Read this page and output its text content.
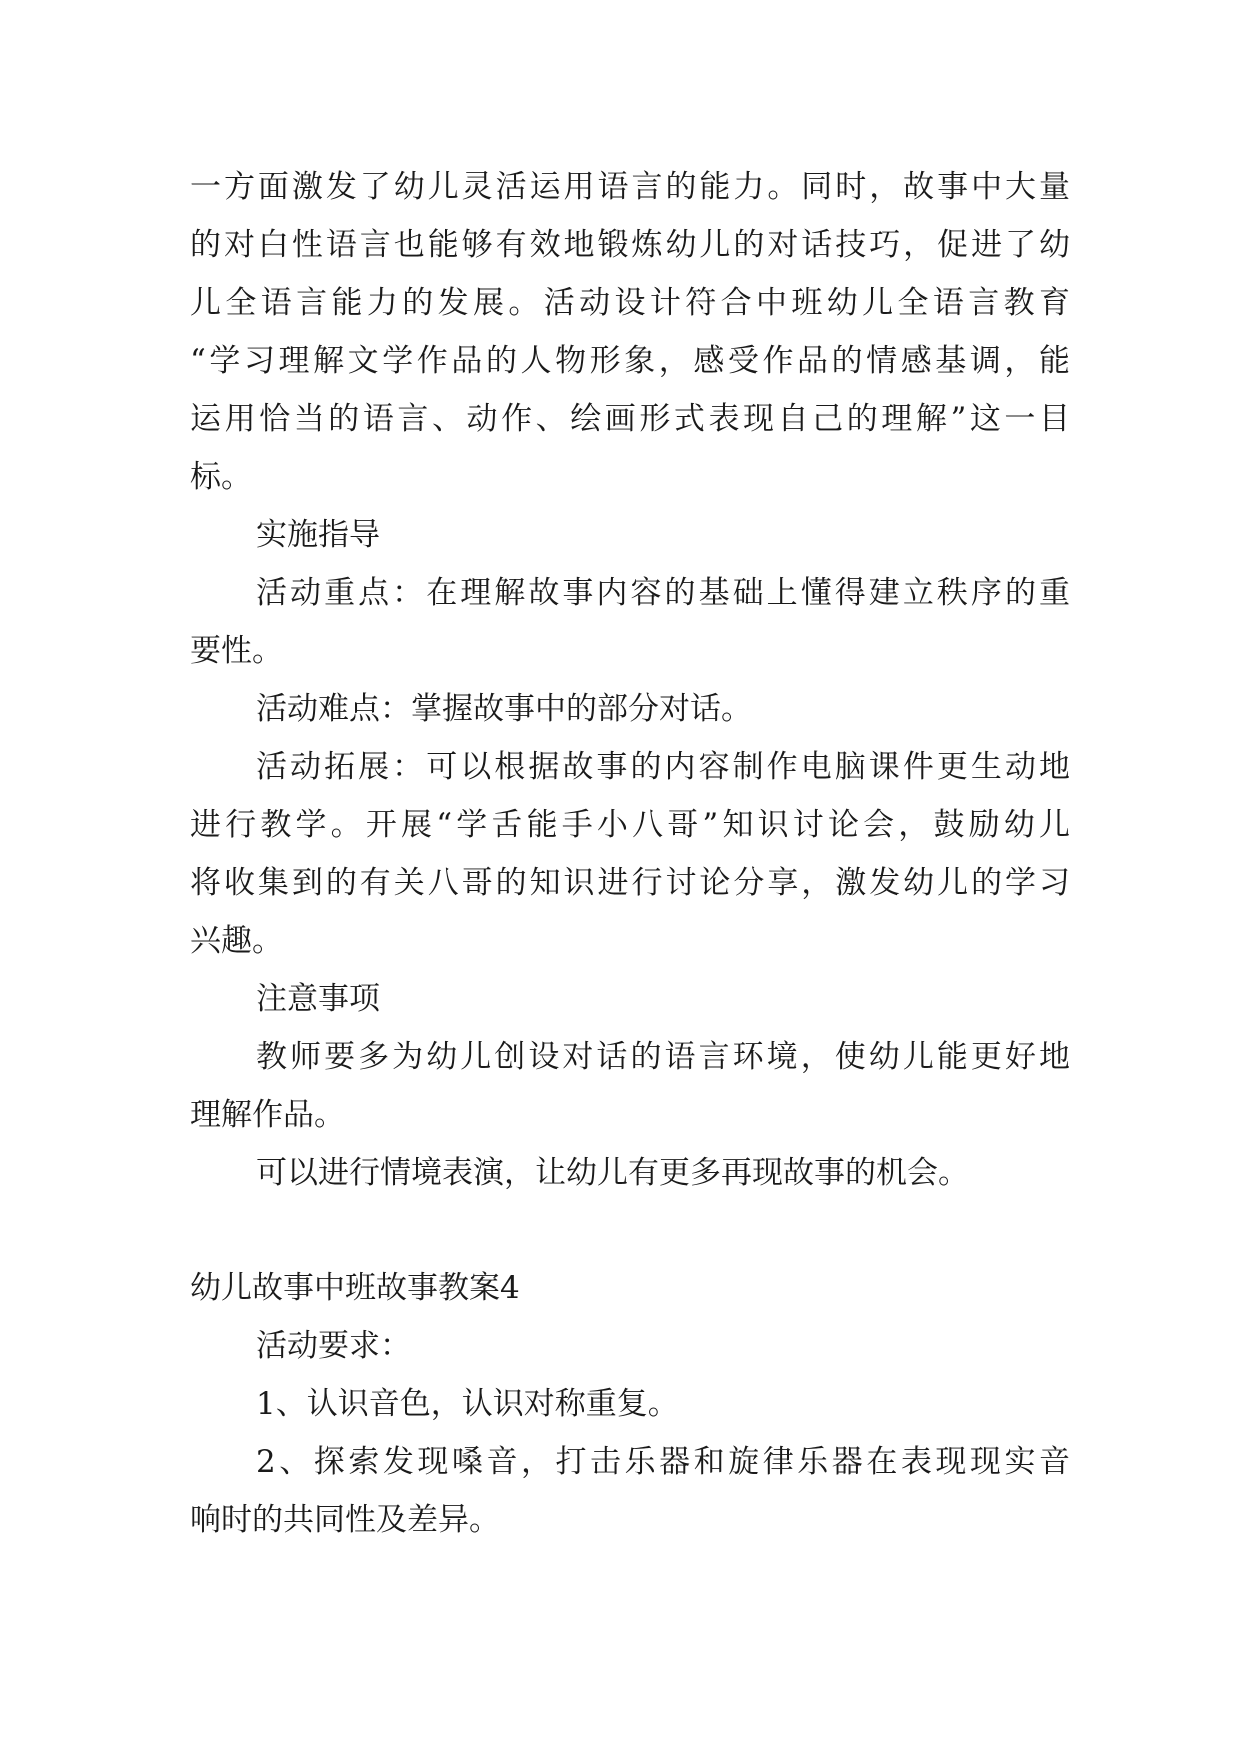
一方面激发了幼儿灵活运用语言的能力。同时，故事中大量
的对白性语言也能够有效地锻炼幼儿的对话技巧，促进了幼
儿全语言能力的发展。活动设计符合中班幼儿全语言教育
“学习理解文学作品的人物形象，感受作品的情感基调，能
运用恰当的语言、动作、绘画形式表现自己的理解”这一目
标。
实施指导
活动重点：在理解故事内容的基础上懂得建立秩序的重
要性。
活动难点：掌握故事中的部分对话。
活动拓展：可以根据故事的内容制作电脑课件更生动地
进行教学。开展“学舌能手小八哥”知识讨论会，鼓励幼儿
将收集到的有关八哥的知识进行讨论分享，激发幼儿的学习
兴趣。
注意事项
教师要多为幼儿创设对话的语言环境，使幼儿能更好地
理解作品。
可以进行情境表演，让幼儿有更多再现故事的机会。
幼儿故事中班故事教案4
活动要求：
1、认识音色，认识对称重复。
2、探索发现嗓音，打击乐器和旋律乐器在表现现实音
响时的共同性及差异。
